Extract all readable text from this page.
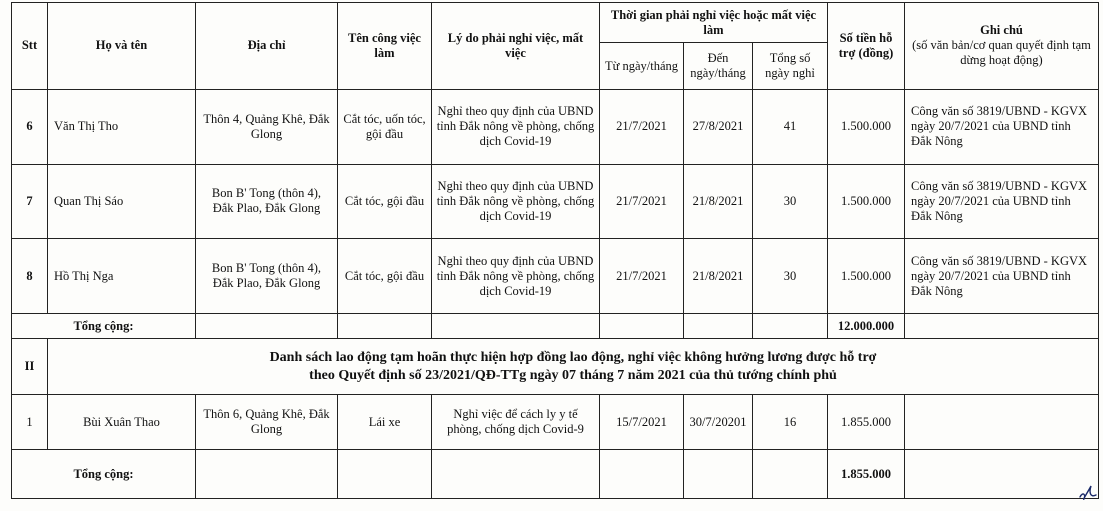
Stt	Họ và tên	Địa chỉ	Tên công việc làm	Lý do phải nghỉ việc, mất việc	Thời gian phải nghỉ việc hoặc mất việc làm			Số tiền hỗ trợ (đồng)	Ghi chú
(số văn bản/cơ quan quyết định tạm dừng hoạt động)

					Từ ngày/tháng	Đến ngày/tháng	Tổng số ngày nghỉ		
6	Văn Thị Tho	Thôn 4, Quảng Khê, Đắk Glong	Cắt tóc, uốn tóc, gội đầu	Nghỉ theo quy định của UBND tỉnh Đắk nông về phòng, chống dịch Covid-19	21/7/2021	27/8/2021	41	1.500.000	Công văn số 3819/UBND - KGVX ngày 20/7/2021 của UBND tỉnh Đắk Nông
7	Quan Thị Sáo	Bon B' Tong (thôn 4), Đắk Plao, Đắk Glong	Cắt tóc, gội đầu	Nghỉ theo quy định của UBND tỉnh Đắk nông về phòng, chống dịch Covid-19	21/7/2021	21/8/2021	30	1.500.000	Công văn số 3819/UBND - KGVX ngày 20/7/2021 của UBND tỉnh Đắk Nông
8	Hồ Thị Nga	Bon B' Tong (thôn 4), Đắk Plao, Đắk Glong	Cắt tóc, gội đầu	Nghỉ theo quy định của UBND tỉnh Đắk nông về phòng, chống dịch Covid-19	21/7/2021	21/8/2021	30	1.500.000	Công văn số 3819/UBND - KGVX ngày 20/7/2021 của UBND tỉnh Đắk Nông
Tổng cộng:								12.000.000	
II	Danh sách lao động tạm hoãn thực hiện hợp đồng lao động, nghỉ việc không hưởng lương được hỗ trợ
theo Quyết định số 23/2021/QĐ-TTg ngày 07 tháng 7 năm 2021 của thủ tướng chính phủ								

1	Bùi Xuân Thao	Thôn 6, Quảng Khê, Đắk Glong	Lái xe	Nghỉ việc để cách ly y tế phòng, chống dịch Covid-9	15/7/2021	30/7/20201	16	1.855.000	
Tổng cộng:								1.855.000	
